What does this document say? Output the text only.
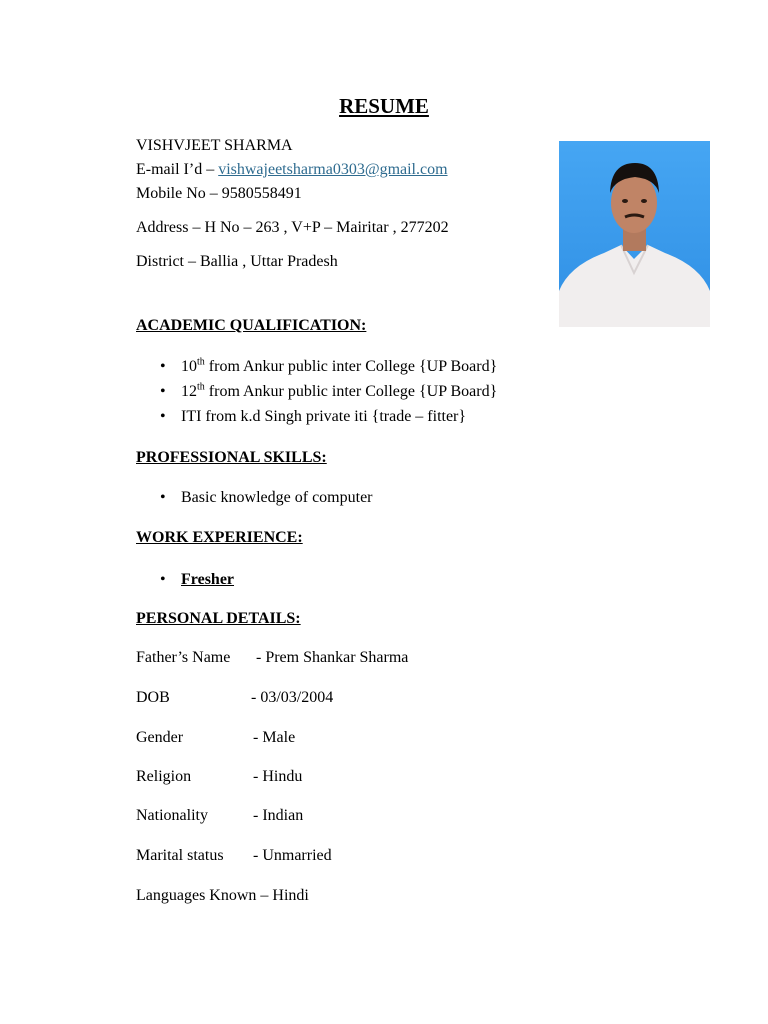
RESUME
VISHVJEET SHARMA
E-mail I’d – vishwajeetsharma0303@gmail.com
Mobile No – 9580558491
Address – H No – 263 , V+P – Mairitar , 277202
District – Ballia , Uttar Pradesh
ACADEMIC QUALIFICATION:
• 10th from Ankur public inter College {UP Board}
• 12th from Ankur public inter College {UP Board}
• ITI from k.d Singh private iti {trade – fitter}
PROFESSIONAL SKILLS:
• Basic knowledge of computer
WORK EXPERIENCE:
• Fresher
PERSONAL DETAILS:
Father’s Name - Prem Shankar Sharma
DOB	- 03/03/2004
Gender	- Male
Religion	- Hindu
Nationality	- Indian
Marital status - Unmarried
Languages Known – Hindi
